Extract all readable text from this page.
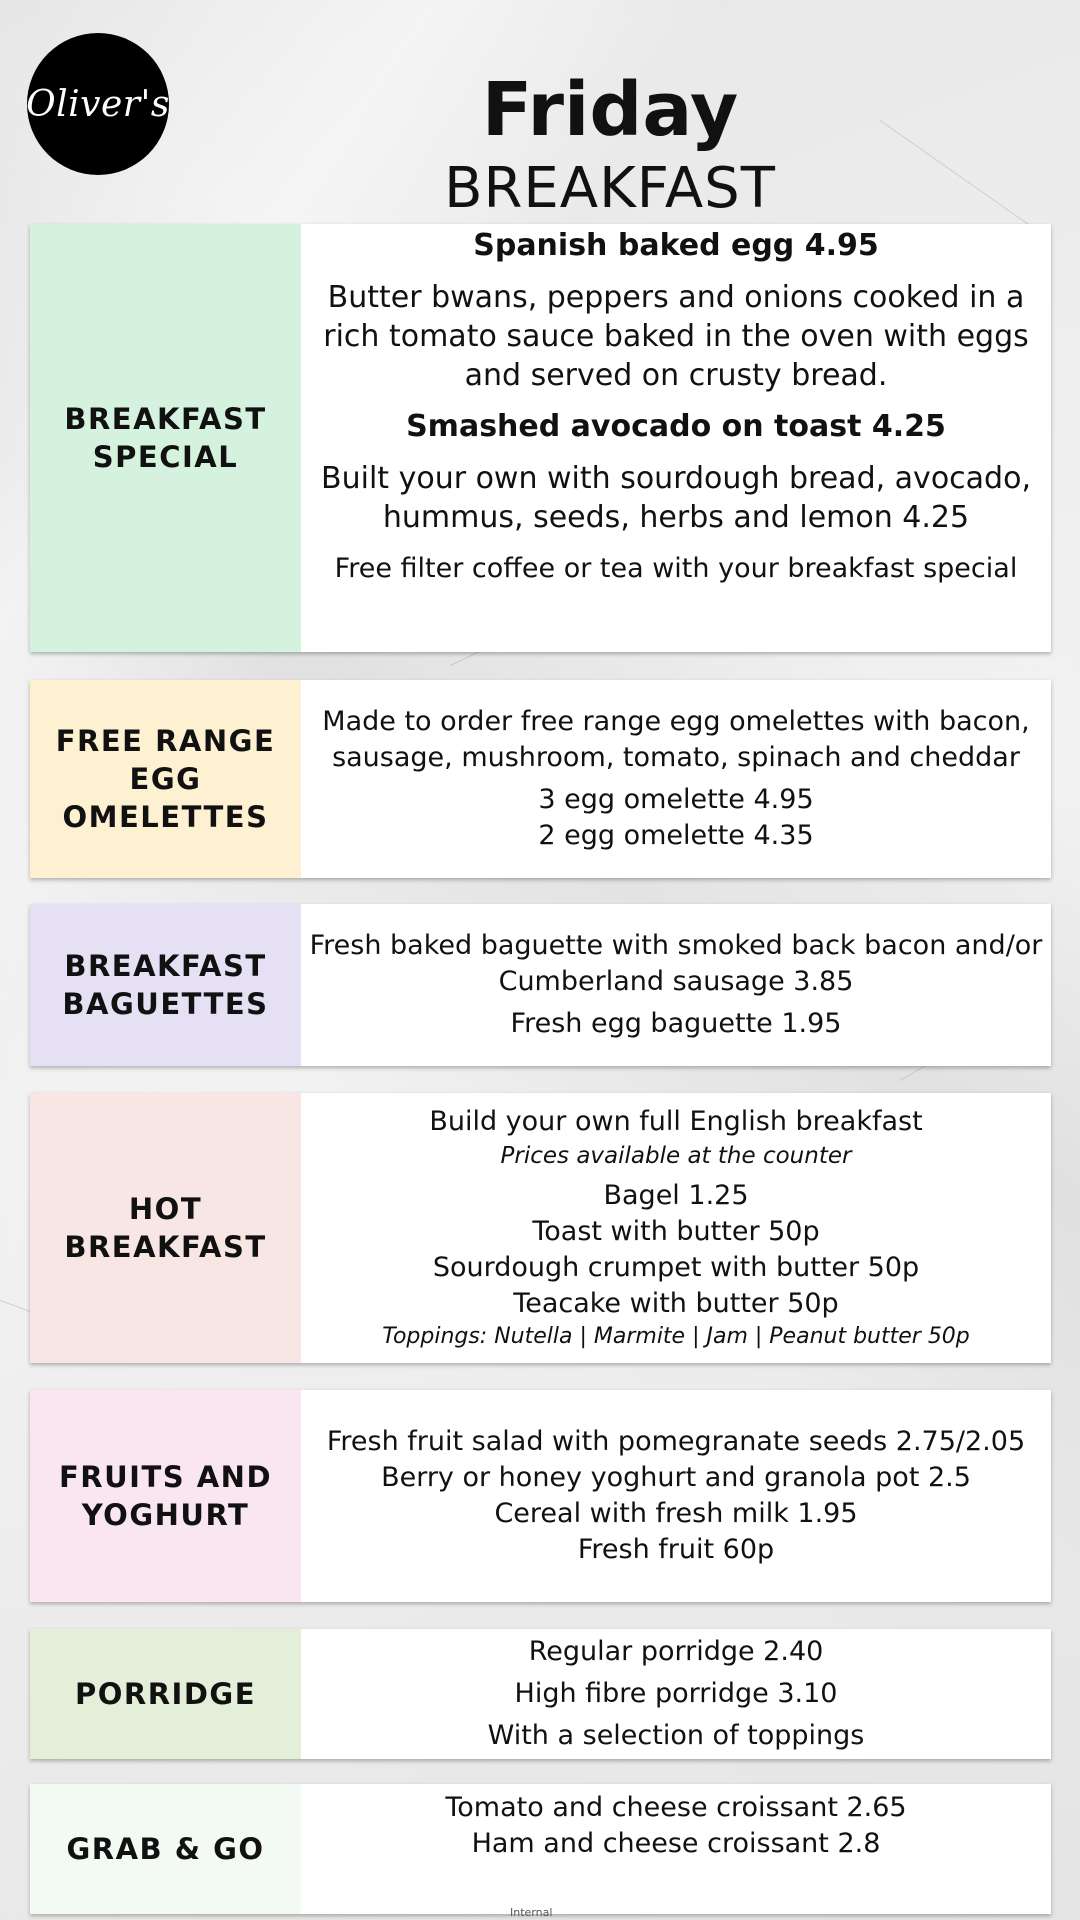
Oliver's	Friday
BREAKFAST
BREAKFAST SPECIAL
Spanish baked egg 4.95
Butter bwans, peppers and onions cooked in a rich tomato sauce baked in the oven with eggs and served on crusty bread.
Smashed avocado on toast 4.25
Built your own with sourdough bread, avocado, hummus, seeds, herbs and lemon 4.25
Free filter coffee or tea with your breakfast special
FREE RANGE EGG OMELETTES
Made to order free range egg omelettes with bacon, sausage, mushroom, tomato, spinach and cheddar
3 egg omelette 4.95
2 egg omelette 4.35
BREAKFAST BAGUETTES
Fresh baked baguette with smoked back bacon and/or Cumberland sausage 3.85
Fresh egg baguette 1.95
HOT BREAKFAST
Build your own full English breakfast
Prices available at the counter
Bagel 1.25
Toast with butter 50p
Sourdough crumpet with butter 50p
Teacake with butter 50p
Toppings: Nutella | Marmite | Jam | Peanut butter 50p
FRUITS AND YOGHURT
Fresh fruit salad with pomegranate seeds 2.75/2.05
Berry or honey yoghurt and granola pot 2.5
Cereal with fresh milk 1.95
Fresh fruit 60p
PORRIDGE
Regular porridge 2.40
High fibre porridge 3.10
With a selection of toppings
GRAB & GO
Tomato and cheese croissant 2.65
Ham and cheese croissant 2.8
Internal
